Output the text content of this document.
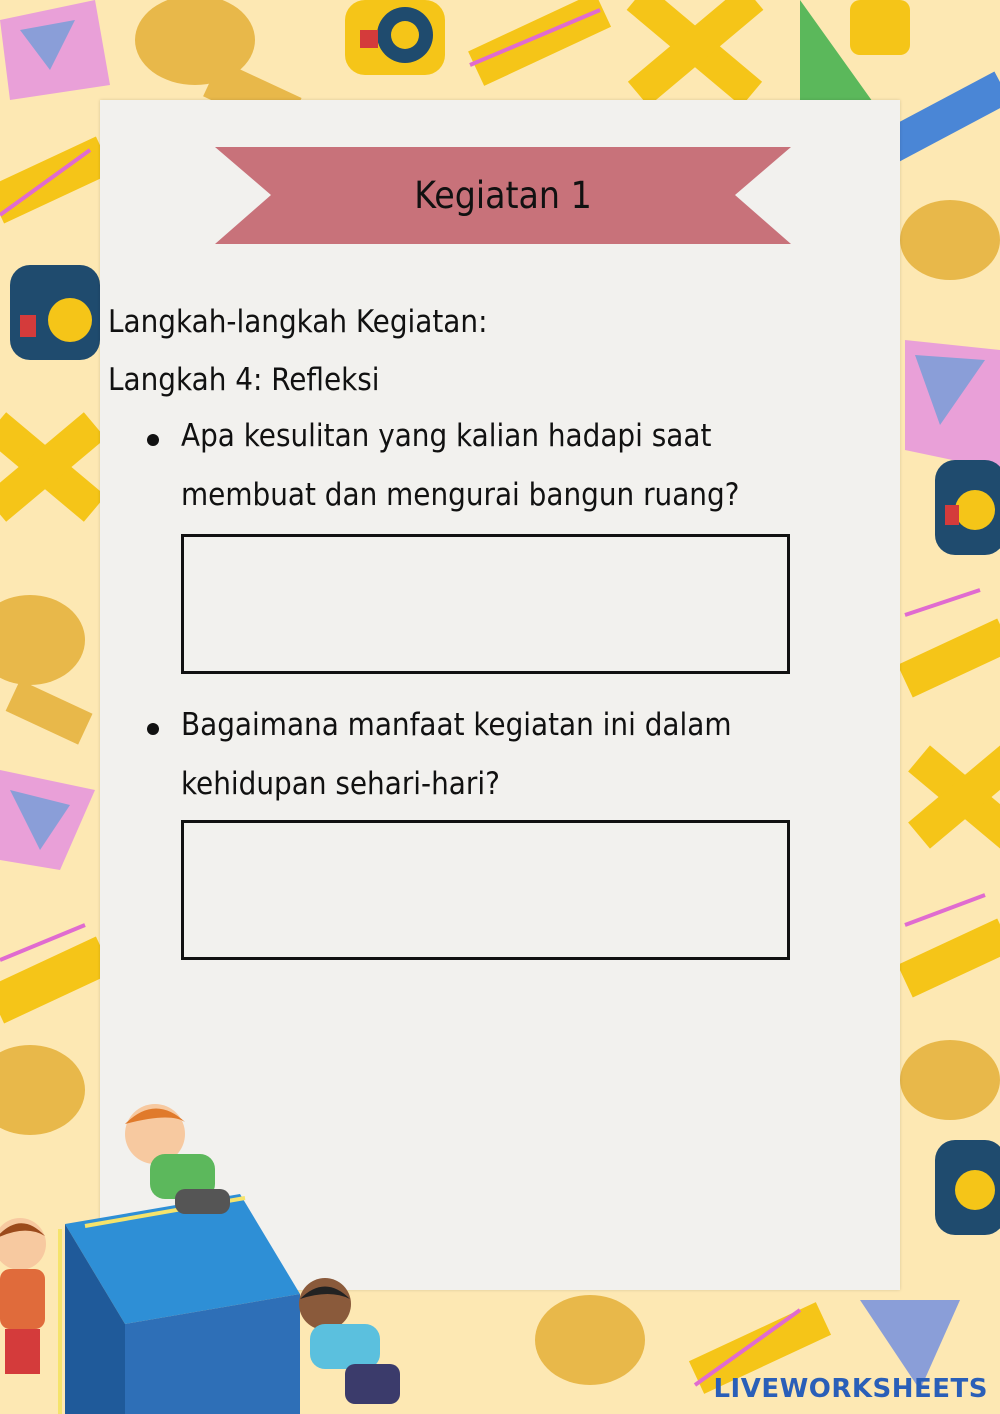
Kegiatan 1
Langkah-langkah Kegiatan:
Langkah 4: Refleksi
Apa kesulitan yang kalian hadapi saat
membuat dan mengurai bangun ruang?
Bagaimana manfaat kegiatan ini dalam
kehidupan sehari-hari?
LIVEWORKSHEETS
